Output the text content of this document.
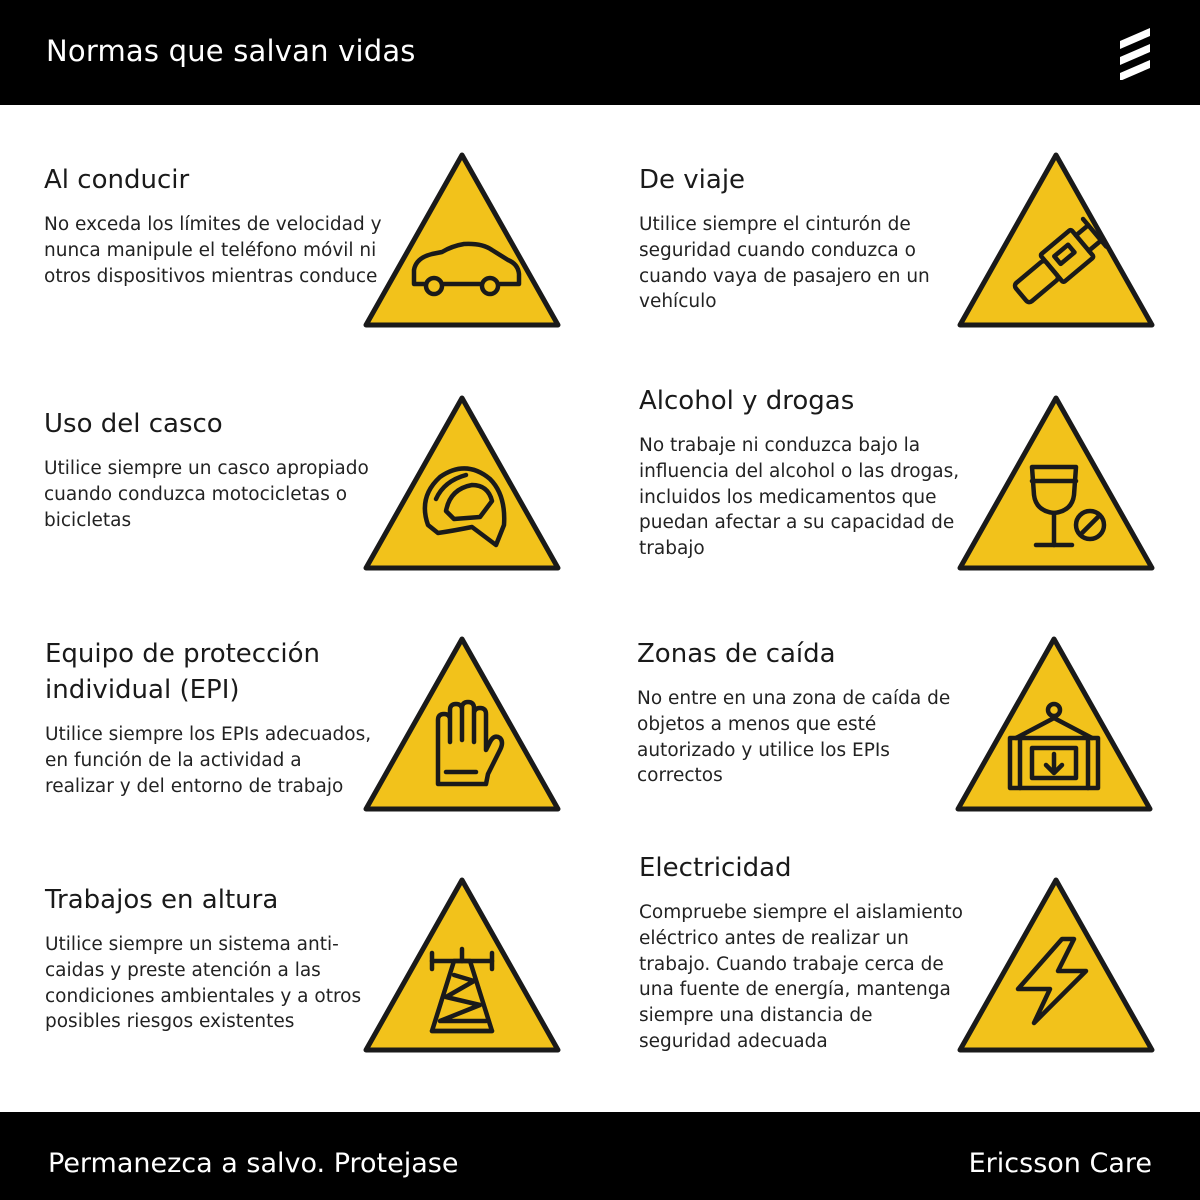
Normas que salvan vidas
Al conducir

No exceda los límites de velocidad y nunca manipule el teléfono móvil ni otros dispositivos mientras conduce

De viaje

Utilice siempre el cinturón de seguridad cuando conduzca o cuando vaya de pasajero en un vehículo

Uso del casco

Utilice siempre un casco apropiado cuando conduzca motocicletas o bicicletas

Alcohol y drogas

No trabaje ni conduzca bajo la influencia del alcohol o las drogas, incluidos los medicamentos que puedan afectar a su capacidad de trabajo

Equipo de protección individual (EPI)

Utilice siempre los EPIs adecuados, en función de la actividad a realizar y del entorno de trabajo

Zonas de caída

No entre en una zona de caída de objetos a menos que esté autorizado y utilice los EPIs correctos

Trabajos en altura

Utilice siempre un sistema anti-caidas y preste atención a las condiciones ambientales y a otros posibles riesgos existentes

Electricidad

Compruebe siempre el aislamiento eléctrico antes de realizar un trabajo. Cuando trabaje cerca de una fuente de energía, mantenga siempre una distancia de seguridad adecuada

Permanezca a salvo. Protejase	Ericsson Care
